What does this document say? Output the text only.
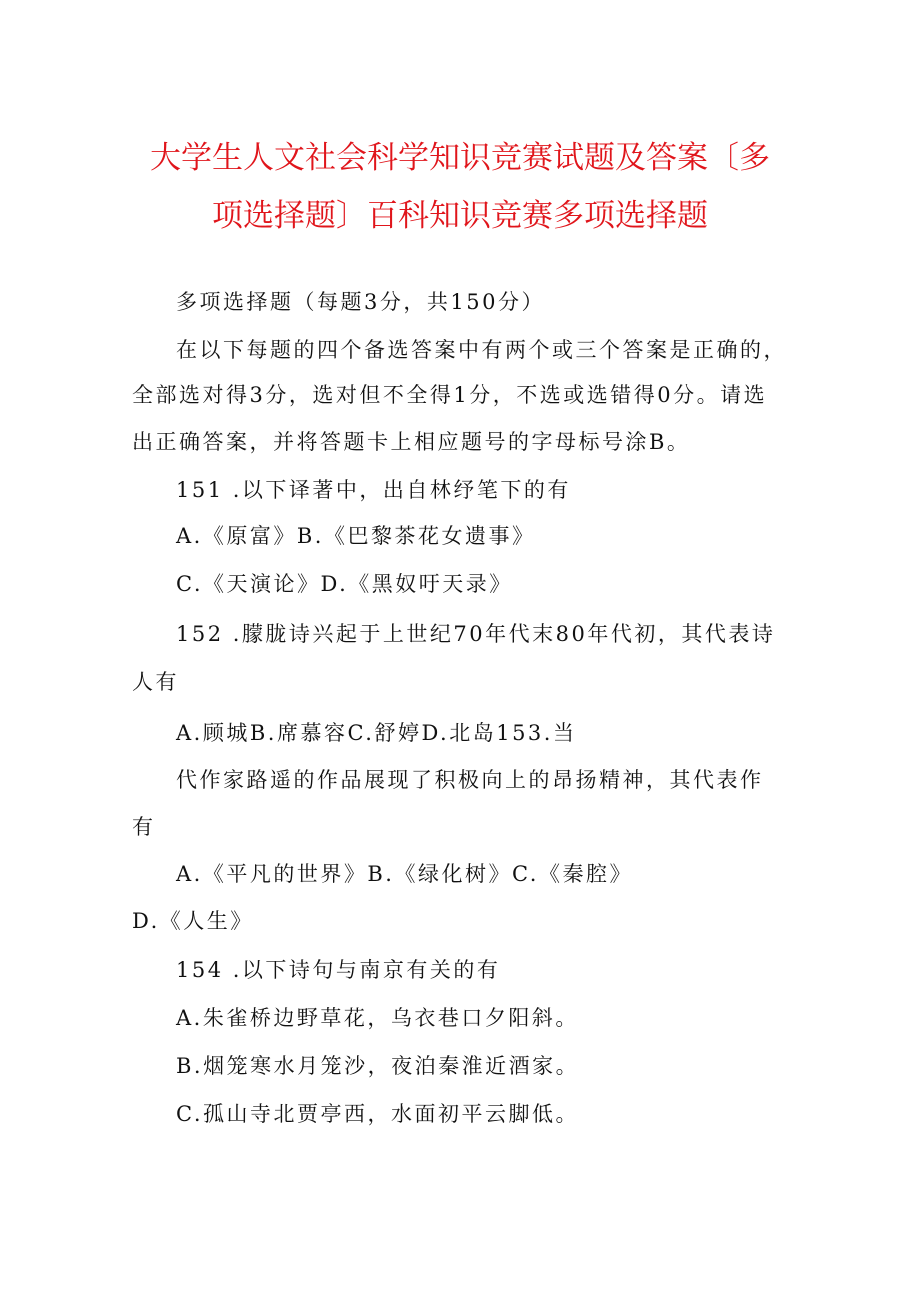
大学生人文社会科学知识竞赛试题及答案〔多
项选择题〕百科知识竞赛多项选择题
多项选择题（每题3分，共150分）
在以下每题的四个备选答案中有两个或三个答案是正确的，
全部选对得3分，选对但不全得1分，不选或选错得0分。请选
出正确答案，并将答题卡上相应题号的字母标号涂B。
151 .以下译著中，出自林纾笔下的有
A.《原富》B.《巴黎茶花女遗事》
C.《天演论》D.《黑奴吁天录》
152 .朦胧诗兴起于上世纪70年代末80年代初，其代表诗
人有
A.顾城B.席慕容C.舒婷D.北岛153.当
代作家路遥的作品展现了积极向上的昂扬精神，其代表作
有
A.《平凡的世界》B.《绿化树》C.《秦腔》
D.《人生》
154 .以下诗句与南京有关的有
A.朱雀桥边野草花，乌衣巷口夕阳斜。
B.烟笼寒水月笼沙，夜泊秦淮近酒家。
C.孤山寺北贾亭西，水面初平云脚低。
